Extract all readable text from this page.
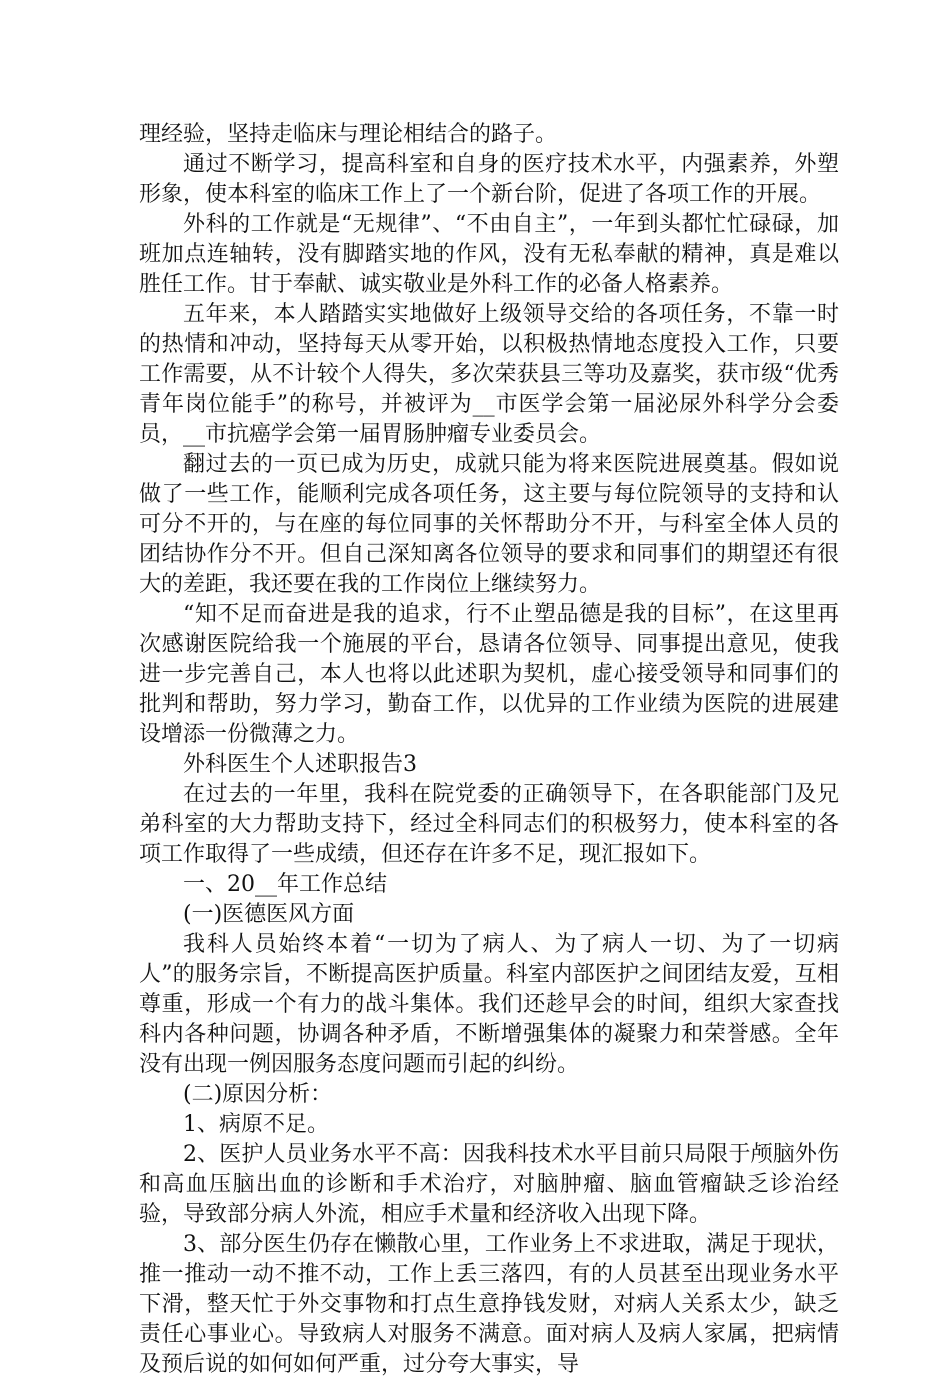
理经验，坚持走临床与理论相结合的路子。

通过不断学习，提高科室和自身的医疗技术水平，内强素养，外塑形象，使本科室的临床工作上了一个新台阶，促进了各项工作的开展。

外科的工作就是“无规律”、“不由自主”，一年到头都忙忙碌碌，加班加点连轴转，没有脚踏实地的作风，没有无私奉献的精神，真是难以胜任工作。甘于奉献、诚实敬业是外科工作的必备人格素养。

五年来，本人踏踏实实地做好上级领导交给的各项任务，不靠一时的热情和冲动，坚持每天从零开始，以积极热情地态度投入工作，只要工作需要，从不计较个人得失，多次荣获县三等功及嘉奖，获市级“优秀青年岗位能手”的称号，并被评为__市医学会第一届泌尿外科学分会委员，__市抗癌学会第一届胃肠肿瘤专业委员会。

翻过去的一页已成为历史，成就只能为将来医院进展奠基。假如说做了一些工作，能顺利完成各项任务，这主要与每位院领导的支持和认可分不开的，与在座的每位同事的关怀帮助分不开，与科室全体人员的团结协作分不开。但自己深知离各位领导的要求和同事们的期望还有很大的差距，我还要在我的工作岗位上继续努力。

“知不足而奋进是我的追求，行不止塑品德是我的目标”，在这里再次感谢医院给我一个施展的平台，恳请各位领导、同事提出意见，使我进一步完善自己，本人也将以此述职为契机，虚心接受领导和同事们的批判和帮助，努力学习，勤奋工作，以优异的工作业绩为医院的进展建设增添一份微薄之力。

外科医生个人述职报告3

在过去的一年里，我科在院党委的正确领导下，在各职能部门及兄弟科室的大力帮助支持下，经过全科同志们的积极努力，使本科室的各项工作取得了一些成绩，但还存在许多不足，现汇报如下。

一、20__年工作总结

(一)医德医风方面

我科人员始终本着“一切为了病人、为了病人一切、为了一切病人”的服务宗旨，不断提高医护质量。科室内部医护之间团结友爱，互相尊重，形成一个有力的战斗集体。我们还趁早会的时间，组织大家查找科内各种问题，协调各种矛盾，不断增强集体的凝聚力和荣誉感。全年没有出现一例因服务态度问题而引起的纠纷。

(二)原因分析：

1、病原不足。

2、医护人员业务水平不高：因我科技术水平目前只局限于颅脑外伤和高血压脑出血的诊断和手术治疗，对脑肿瘤、脑血管瘤缺乏诊治经验，导致部分病人外流，相应手术量和经济收入出现下降。

3、部分医生仍存在懒散心里，工作业务上不求进取，满足于现状，推一推动一动不推不动，工作上丢三落四，有的人员甚至出现业务水平下滑，整天忙于外交事物和打点生意挣钱发财，对病人关系太少，缺乏责任心事业心。导致病人对服务不满意。面对病人及病人家属，把病情及预后说的如何如何严重，过分夸大事实，导
